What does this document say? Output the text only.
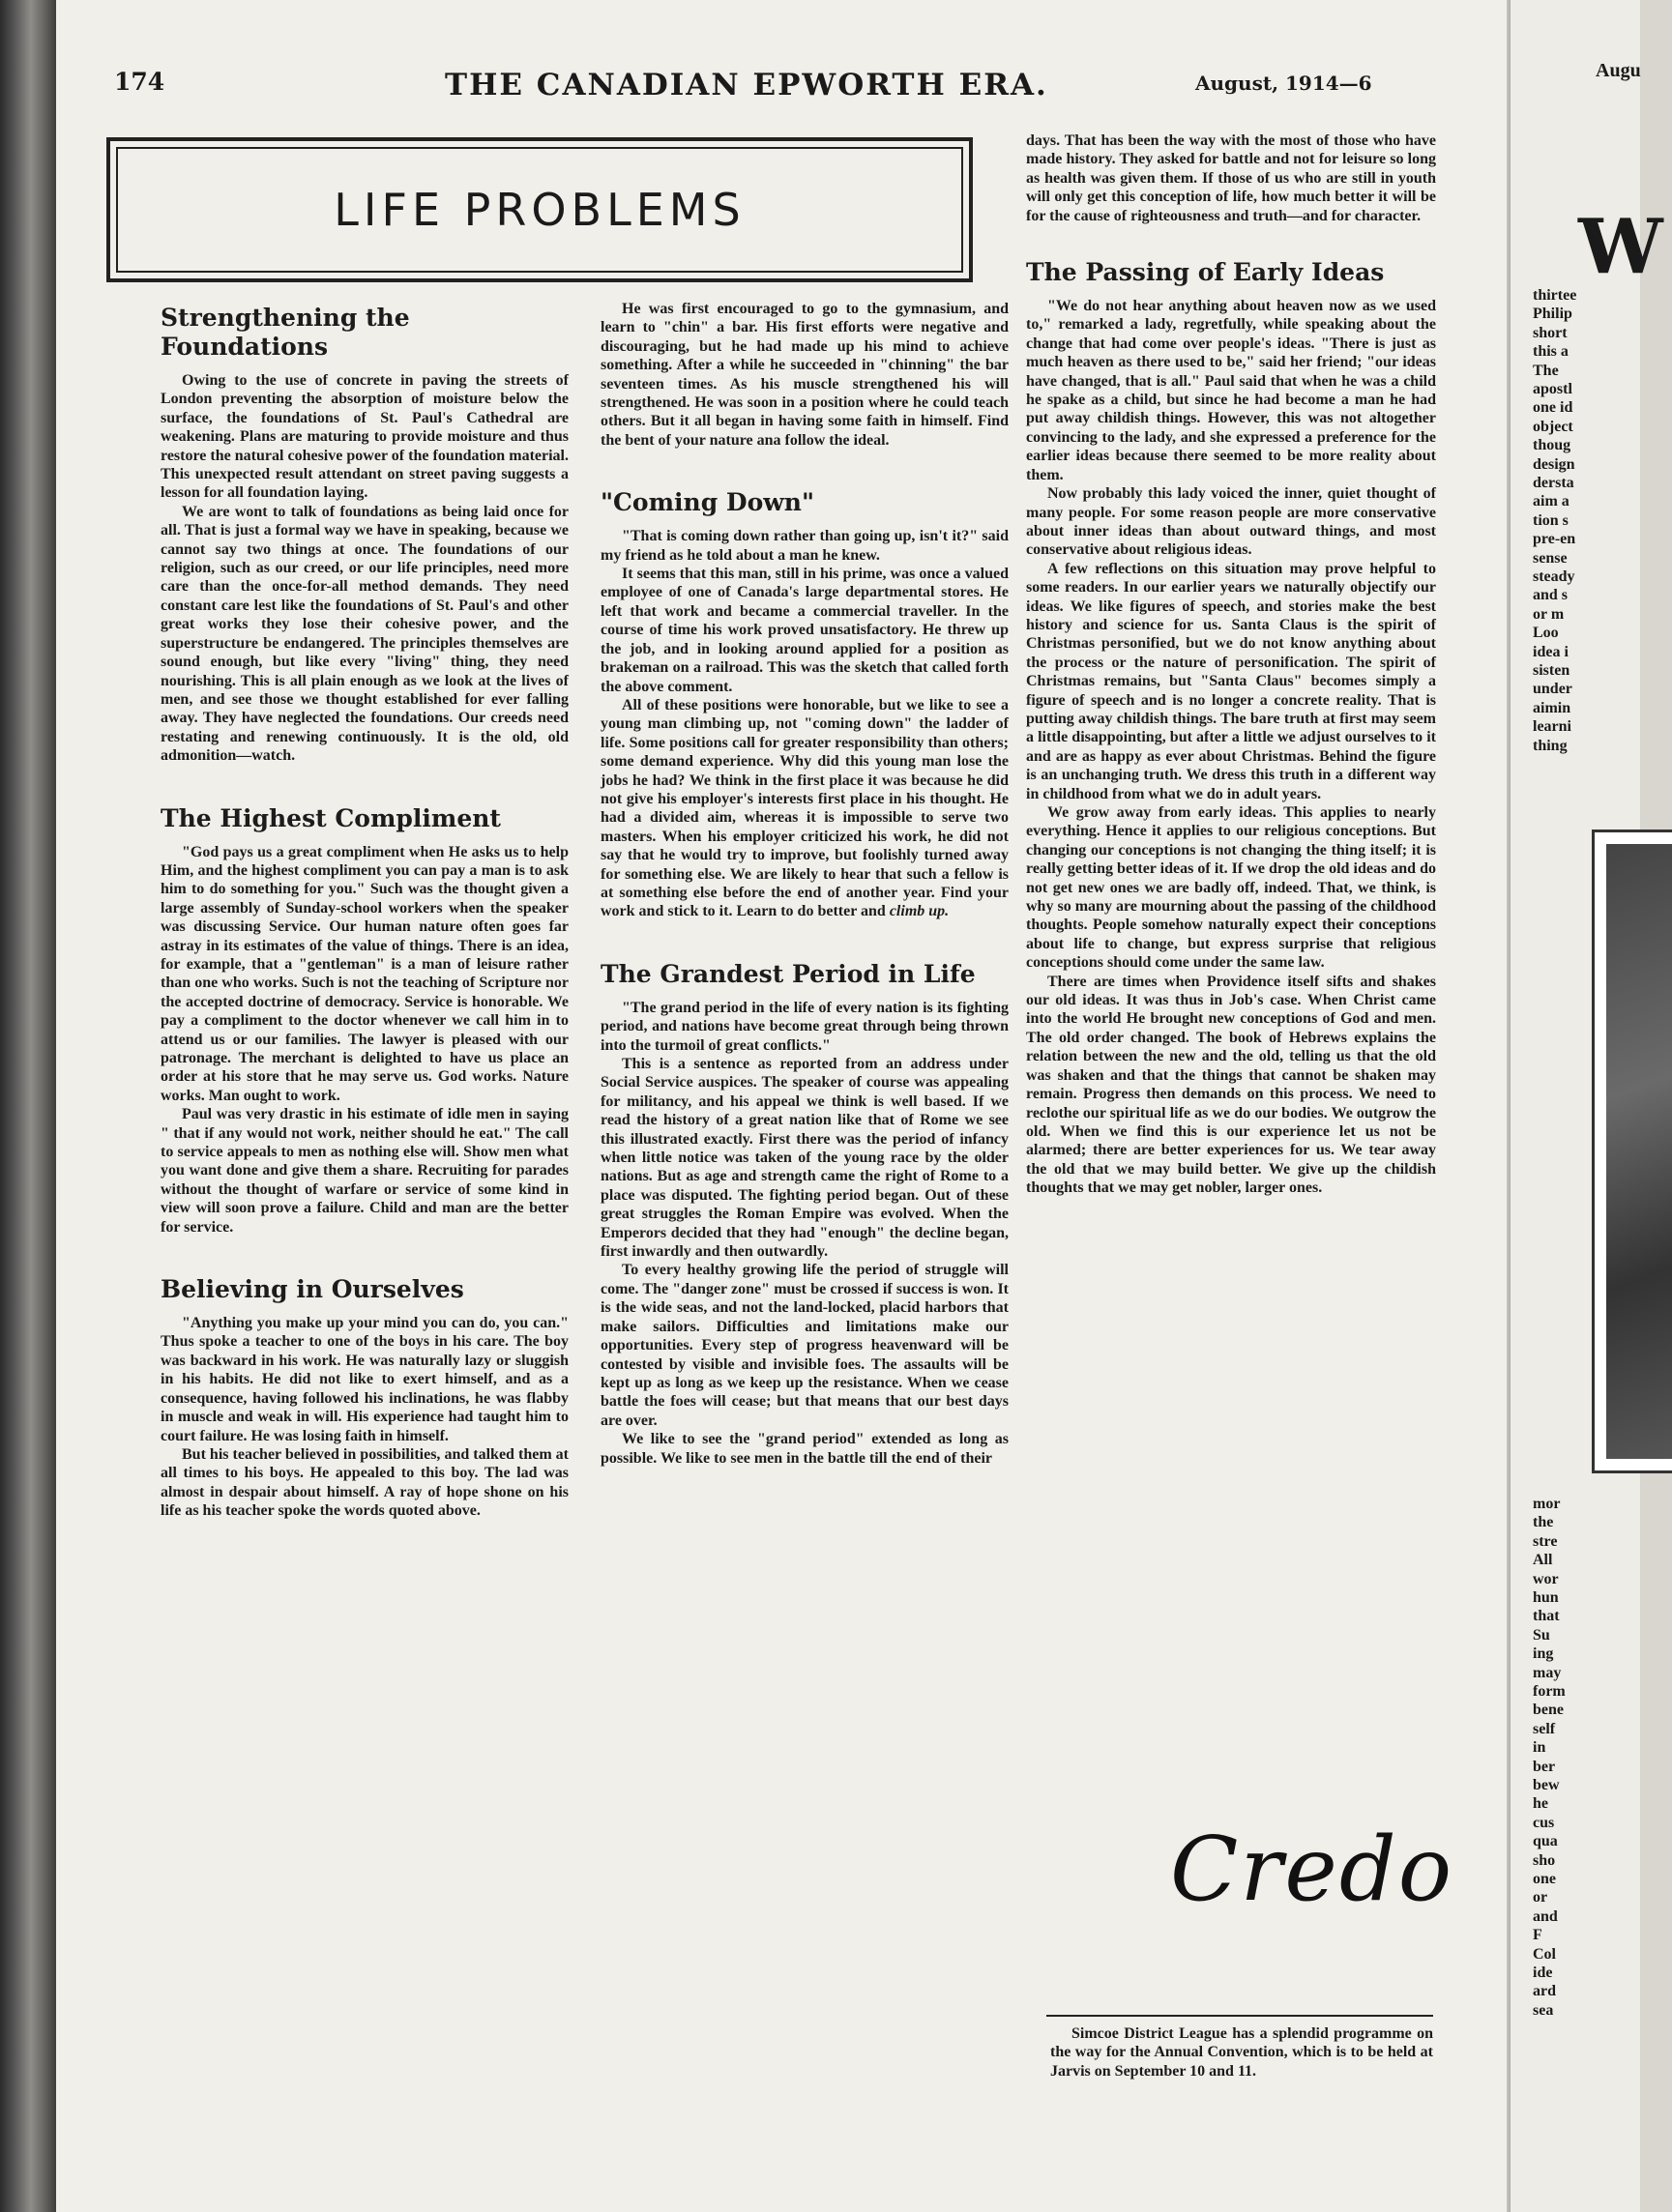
174	THE CANADIAN EPWORTH ERA.	August, 1914—6
LIFE PROBLEMS
Strengthening the Foundations

Owing to the use of concrete in paving the streets of London preventing the absorption of moisture below the surface, the foundations of St. Paul's Cathedral are weakening. Plans are maturing to provide moisture and thus restore the natural cohesive power of the foundation material. This unexpected result attendant on street paving suggests a lesson for all foundation laying.

We are wont to talk of foundations as being laid once for all. That is just a formal way we have in speaking, because we cannot say two things at once. The foundations of our religion, such as our creed, or our life principles, need more care than the once-for-all method demands. They need constant care lest like the foundations of St. Paul's and other great works they lose their cohesive power, and the superstructure be endangered. The principles themselves are sound enough, but like every "living" thing, they need nourishing. This is all plain enough as we look at the lives of men, and see those we thought established for ever falling away. They have neglected the foundations. Our creeds need restating and renewing continuously. It is the old, old admonition—watch.

The Highest Compliment

"God pays us a great compliment when He asks us to help Him, and the highest compliment you can pay a man is to ask him to do something for you." Such was the thought given a large assembly of Sunday-school workers when the speaker was discussing Service. Our human nature often goes far astray in its estimates of the value of things. There is an idea, for example, that a "gentleman" is a man of leisure rather than one who works. Such is not the teaching of Scripture nor the accepted doctrine of democracy. Service is honorable. We pay a compliment to the doctor whenever we call him in to attend us or our families. The lawyer is pleased with our patronage. The merchant is delighted to have us place an order at his store that he may serve us. God works. Nature works. Man ought to work.

Paul was very drastic in his estimate of idle men in saying " that if any would not work, neither should he eat." The call to service appeals to men as nothing else will. Show men what you want done and give them a share. Recruiting for parades without the thought of warfare or service of some kind in view will soon prove a failure. Child and man are the better for service.

Believing in Ourselves

"Anything you make up your mind you can do, you can." Thus spoke a teacher to one of the boys in his care. The boy was backward in his work. He was naturally lazy or sluggish in his habits. He did not like to exert himself, and as a consequence, having followed his inclinations, he was flabby in muscle and weak in will. His experience had taught him to court failure. He was losing faith in himself.

But his teacher believed in possibilities, and talked them at all times to his boys. He appealed to this boy. The lad was almost in despair about himself. A ray of hope shone on his life as his teacher spoke the words quoted above.

He was first encouraged to go to the gymnasium, and learn to "chin" a bar. His first efforts were negative and discouraging, but he had made up his mind to achieve something. After a while he succeeded in "chinning" the bar seventeen times. As his muscle strengthened his will strengthened. He was soon in a position where he could teach others. But it all began in having some faith in himself. Find the bent of your nature ana follow the ideal.

"Coming Down"

"That is coming down rather than going up, isn't it?" said my friend as he told about a man he knew.

It seems that this man, still in his prime, was once a valued employee of one of Canada's large departmental stores. He left that work and became a commercial traveller. In the course of time his work proved unsatisfactory. He threw up the job, and in looking around applied for a position as brakeman on a railroad. This was the sketch that called forth the above comment.

All of these positions were honorable, but we like to see a young man climbing up, not "coming down" the ladder of life. Some positions call for greater responsibility than others; some demand experience. Why did this young man lose the jobs he had? We think in the first place it was because he did not give his employer's interests first place in his thought. He had a divided aim, whereas it is impossible to serve two masters. When his employer criticized his work, he did not say that he would try to improve, but foolishly turned away for something else. We are likely to hear that such a fellow is at something else before the end of another year. Find your work and stick to it. Learn to do better and climb up.

The Grandest Period in Life

"The grand period in the life of every nation is its fighting period, and nations have become great through being thrown into the turmoil of great conflicts."

This is a sentence as reported from an address under Social Service auspices. The speaker of course was appealing for militancy, and his appeal we think is well based. If we read the history of a great nation like that of Rome we see this illustrated exactly. First there was the period of infancy when little notice was taken of the young race by the older nations. But as age and strength came the right of Rome to a place was disputed. The fighting period began. Out of these great struggles the Roman Empire was evolved. When the Emperors decided that they had "enough" the decline began, first inwardly and then outwardly.

To every healthy growing life the period of struggle will come. The "danger zone" must be crossed if success is won. It is the wide seas, and not the land-locked, placid harbors that make sailors. Difficulties and limitations make our opportunities. Every step of progress heavenward will be contested by visible and invisible foes. The assaults will be kept up as long as we keep up the resistance. When we cease battle the foes will cease; but that means that our best days are over.

We like to see the "grand period" extended as long as possible. We like to see men in the battle till the end of their

days. That has been the way with the most of those who have made history. They asked for battle and not for leisure so long as health was given them. If those of us who are still in youth will only get this conception of life, how much better it will be for the cause of righteousness and truth—and for character.

The Passing of Early Ideas

"We do not hear anything about heaven now as we used to," remarked a lady, regretfully, while speaking about the change that had come over people's ideas. "There is just as much heaven as there used to be," said her friend; "our ideas have changed, that is all." Paul said that when he was a child he spake as a child, but since he had become a man he had put away childish things. However, this was not altogether convincing to the lady, and she expressed a preference for the earlier ideas because there seemed to be more reality about them.

Now probably this lady voiced the inner, quiet thought of many people. For some reason people are more conservative about inner ideas than about outward things, and most conservative about religious ideas.

A few reflections on this situation may prove helpful to some readers. In our earlier years we naturally objectify our ideas. We like figures of speech, and stories make the best history and science for us. Santa Claus is the spirit of Christmas personified, but we do not know anything about the process or the nature of personification. The spirit of Christmas remains, but "Santa Claus" becomes simply a figure of speech and is no longer a concrete reality. That is putting away childish things. The bare truth at first may seem a little disappointing, but after a little we adjust ourselves to it and are as happy as ever about Christmas. Behind the figure is an unchanging truth. We dress this truth in a different way in childhood from what we do in adult years.

We grow away from early ideas. This applies to nearly everything. Hence it applies to our religious conceptions. But changing our conceptions is not changing the thing itself; it is really getting better ideas of it. If we drop the old ideas and do not get new ones we are badly off, indeed. That, we think, is why so many are mourning about the passing of the childhood thoughts. People somehow naturally expect their conceptions about life to change, but express surprise that religious conceptions should come under the same law.

There are times when Providence itself sifts and shakes our old ideas. It was thus in Job's case. When Christ came into the world He brought new conceptions of God and men. The old order changed. The book of Hebrews explains the relation between the new and the old, telling us that the old was shaken and that the things that cannot be shaken may remain. Progress then demands on this process. We need to reclothe our spiritual life as we do our bodies. We outgrow the old. When we find this is our experience let us not be alarmed; there are better experiences for us. We tear away the old that we may build better. We give up the childish thoughts that we may get nobler, larger ones.

Credo

Simcoe District League has a splendid programme on the way for the Annual Convention, which is to be held at Jarvis on September 10 and 11.

Augu
W
thirtee
Philip
short
this a
The
apostl
one id
object
thoug
design
dersta
aim a
tion s
pre-en
sense
steady
and s
or m
Loo
idea i
sisten
under
aimin
learni
thing
mor
the
stre
All
wor
hun
that
Su
ing
may
form
bene
self
in
ber
bew
he
cus
qua
sho
one
or
and
F
Col
ide
ard
sea
